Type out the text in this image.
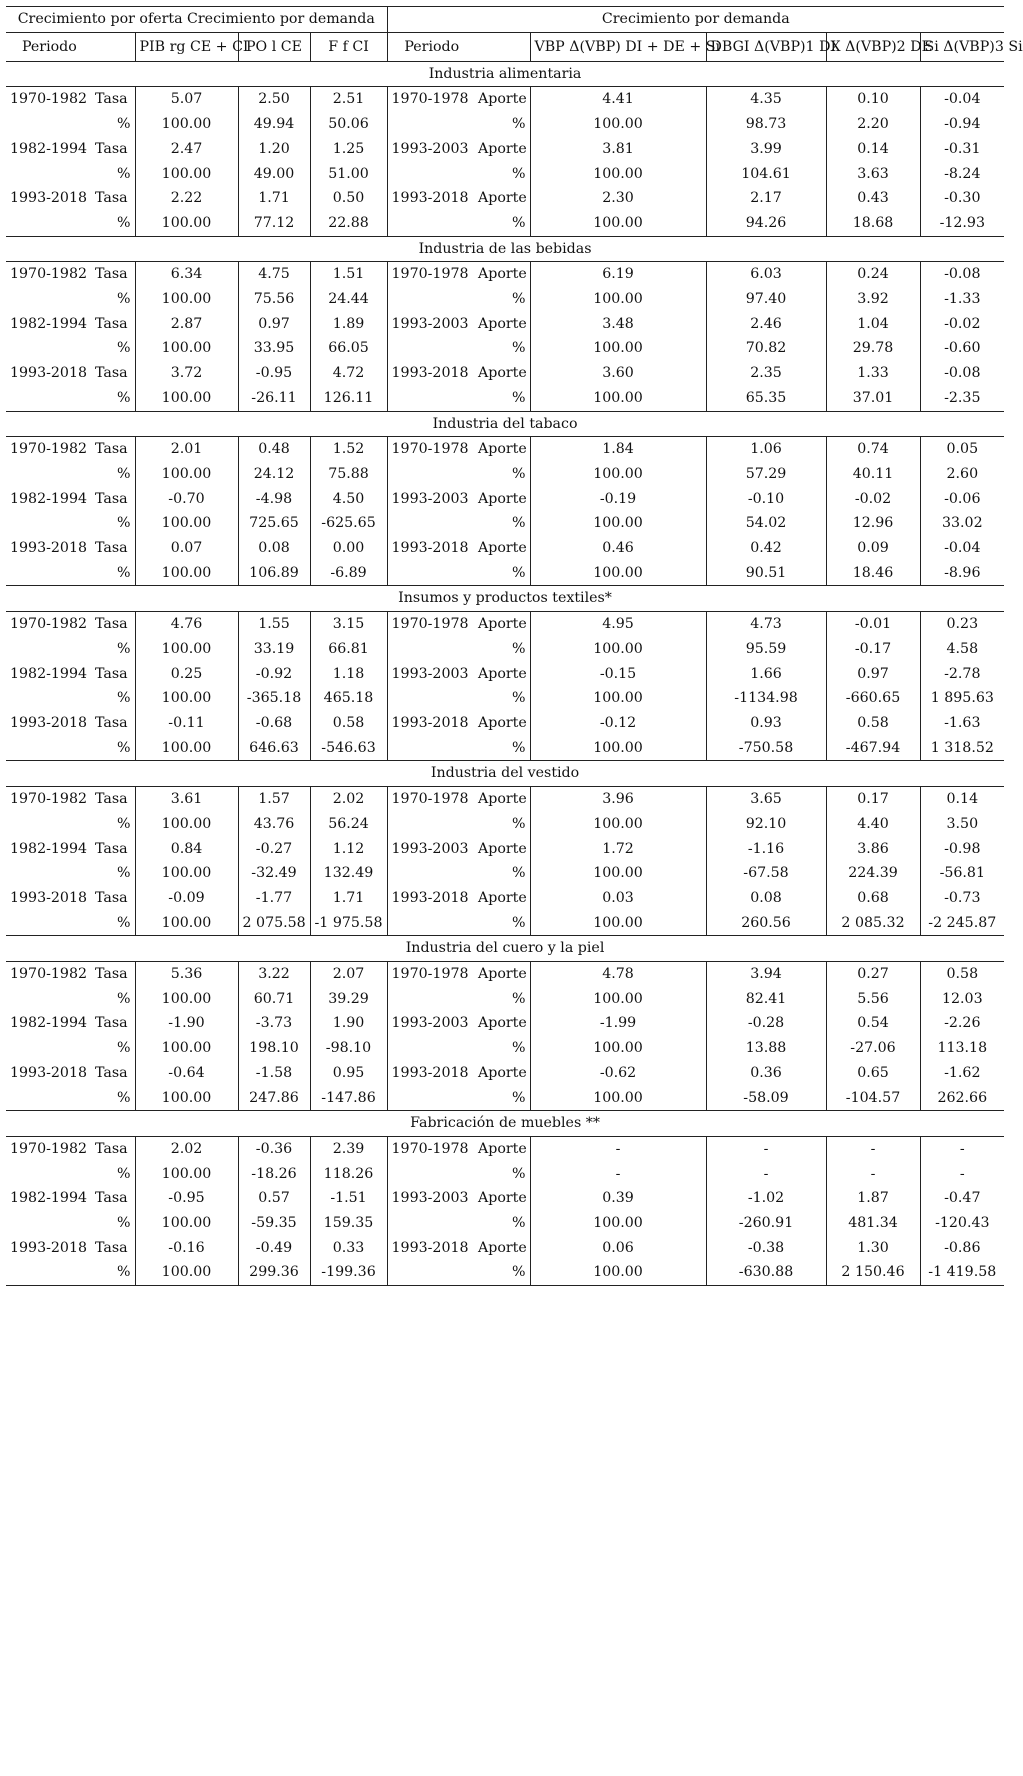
Crecimiento por oferta Crecimiento por demanda					Crecimiento por demanda					
Periodo		PIB rg CE + CI	PO l CE	F f CI	Periodo		VBP Δ(VBP) DI + DE + Si	DBGI Δ(VBP)1 DI	X Δ(VBP)2 DE	Si Δ(VBP)3 Si
Industria alimentaria										
1970-1982	Tasa	5.07	2.50	2.51	1970-1978	Aporte	4.41	4.35	0.10	-0.04
	%	100.00	49.94	50.06		%	100.00	98.73	2.20	-0.94
1982-1994	Tasa	2.47	1.20	1.25	1993-2003	Aporte	3.81	3.99	0.14	-0.31
	%	100.00	49.00	51.00		%	100.00	104.61	3.63	-8.24
1993-2018	Tasa	2.22	1.71	0.50	1993-2018	Aporte	2.30	2.17	0.43	-0.30
	%	100.00	77.12	22.88		%	100.00	94.26	18.68	-12.93
Industria de las bebidas										
1970-1982	Tasa	6.34	4.75	1.51	1970-1978	Aporte	6.19	6.03	0.24	-0.08
	%	100.00	75.56	24.44		%	100.00	97.40	3.92	-1.33
1982-1994	Tasa	2.87	0.97	1.89	1993-2003	Aporte	3.48	2.46	1.04	-0.02
	%	100.00	33.95	66.05		%	100.00	70.82	29.78	-0.60
1993-2018	Tasa	3.72	-0.95	4.72	1993-2018	Aporte	3.60	2.35	1.33	-0.08
	%	100.00	-26.11	126.11		%	100.00	65.35	37.01	-2.35
Industria del tabaco										
1970-1982	Tasa	2.01	0.48	1.52	1970-1978	Aporte	1.84	1.06	0.74	0.05
	%	100.00	24.12	75.88		%	100.00	57.29	40.11	2.60
1982-1994	Tasa	-0.70	-4.98	4.50	1993-2003	Aporte	-0.19	-0.10	-0.02	-0.06
	%	100.00	725.65	-625.65		%	100.00	54.02	12.96	33.02
1993-2018	Tasa	0.07	0.08	0.00	1993-2018	Aporte	0.46	0.42	0.09	-0.04
	%	100.00	106.89	-6.89		%	100.00	90.51	18.46	-8.96
Insumos y productos textiles*										
1970-1982	Tasa	4.76	1.55	3.15	1970-1978	Aporte	4.95	4.73	-0.01	0.23
	%	100.00	33.19	66.81		%	100.00	95.59	-0.17	4.58
1982-1994	Tasa	0.25	-0.92	1.18	1993-2003	Aporte	-0.15	1.66	0.97	-2.78
	%	100.00	-365.18	465.18		%	100.00	-1134.98	-660.65	1 895.63
1993-2018	Tasa	-0.11	-0.68	0.58	1993-2018	Aporte	-0.12	0.93	0.58	-1.63
	%	100.00	646.63	-546.63		%	100.00	-750.58	-467.94	1 318.52
Industria del vestido										
1970-1982	Tasa	3.61	1.57	2.02	1970-1978	Aporte	3.96	3.65	0.17	0.14
	%	100.00	43.76	56.24		%	100.00	92.10	4.40	3.50
1982-1994	Tasa	0.84	-0.27	1.12	1993-2003	Aporte	1.72	-1.16	3.86	-0.98
	%	100.00	-32.49	132.49		%	100.00	-67.58	224.39	-56.81
1993-2018	Tasa	-0.09	-1.77	1.71	1993-2018	Aporte	0.03	0.08	0.68	-0.73
	%	100.00	2 075.58	-1 975.58		%	100.00	260.56	2 085.32	-2 245.87
Industria del cuero y la piel										
1970-1982	Tasa	5.36	3.22	2.07	1970-1978	Aporte	4.78	3.94	0.27	0.58
	%	100.00	60.71	39.29		%	100.00	82.41	5.56	12.03
1982-1994	Tasa	-1.90	-3.73	1.90	1993-2003	Aporte	-1.99	-0.28	0.54	-2.26
	%	100.00	198.10	-98.10		%	100.00	13.88	-27.06	113.18
1993-2018	Tasa	-0.64	-1.58	0.95	1993-2018	Aporte	-0.62	0.36	0.65	-1.62
	%	100.00	247.86	-147.86		%	100.00	-58.09	-104.57	262.66
Fabricación de muebles **										
1970-1982	Tasa	2.02	-0.36	2.39	1970-1978	Aporte	-	-	-	-
	%	100.00	-18.26	118.26		%	-	-	-	-
1982-1994	Tasa	-0.95	0.57	-1.51	1993-2003	Aporte	0.39	-1.02	1.87	-0.47
	%	100.00	-59.35	159.35		%	100.00	-260.91	481.34	-120.43
1993-2018	Tasa	-0.16	-0.49	0.33	1993-2018	Aporte	0.06	-0.38	1.30	-0.86
	%	100.00	299.36	-199.36		%	100.00	-630.88	2 150.46	-1 419.58
